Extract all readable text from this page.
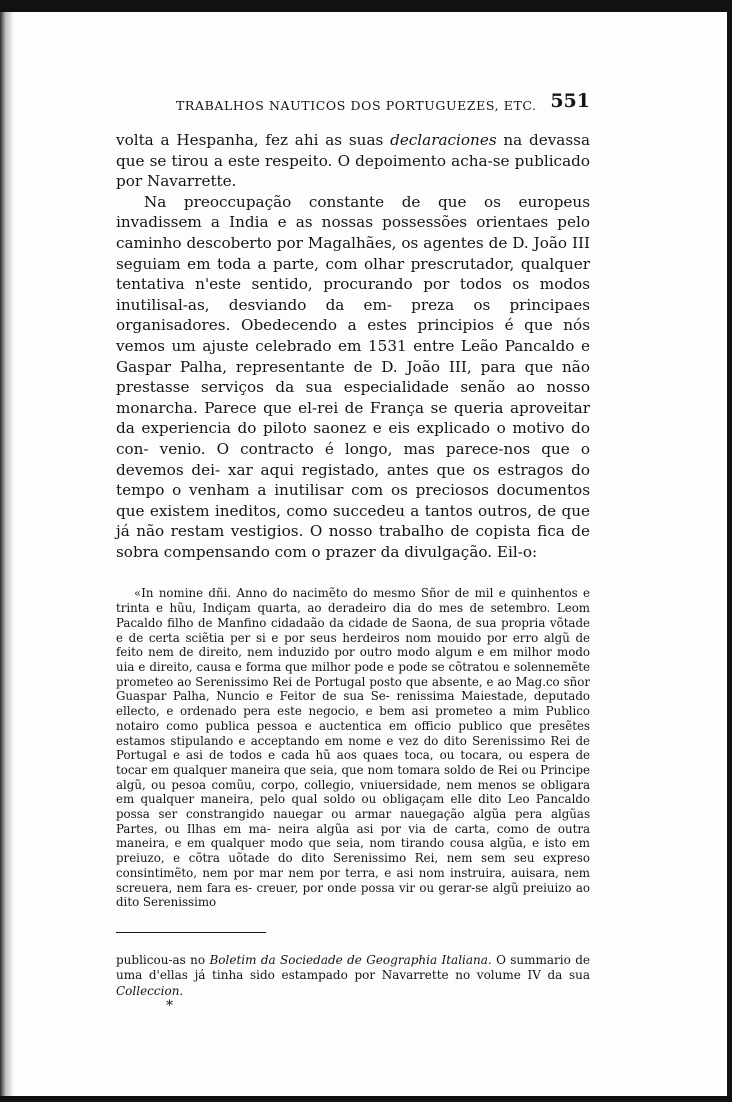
TRABALHOS NAUTICOS DOS PORTUGUEZES, ETC. 551

volta a Hespanha, fez ahi as suas declaraciones na devassa que se tirou a este respeito. O depoimento acha-se publicado por Navarrette.

Na preoccupação constante de que os europeus invadissem a India e as nossas possessões orientaes pelo caminho descoberto por Magalhães, os agentes de D. João III seguiam em toda a parte, com olhar prescrutador, qualquer tentativa n'este sentido, procurando por todos os modos inutilisal-as, desviando da em- preza os principaes organisadores. Obedecendo a estes principios é que nós vemos um ajuste celebrado em 1531 entre Leão Pancaldo e Gaspar Palha, representante de D. João III, para que não prestasse serviços da sua especialidade senão ao nosso monarcha. Parece que el-rei de França se queria aproveitar da experiencia do piloto saonez e eis explicado o motivo do con- venio. O contracto é longo, mas parece-nos que o devemos dei- xar aqui registado, antes que os estragos do tempo o venham a inutilisar com os preciosos documentos que existem ineditos, como succedeu a tantos outros, de que já não restam vestigios. O nosso trabalho de copista fica de sobra compensando com o prazer da divulgação. Eil-o:

«In nomine dñi. Anno do nacimẽto do mesmo Sñor de mil e quinhentos e trinta e hũu, Indiçam quarta, ao deradeiro dia do mes de setembro. Leom Pacaldo filho de Manfino cidadaão da cidade de Saona, de sua propria võtade e de certa sciẽtia per si e por seus herdeiros nom mouido por erro algũ de feito nem de direito, nem induzido por outro modo algum e em milhor modo uia e direito, causa e forma que milhor pode e pode se cõtratou e solennemẽte prometeo ao Serenissimo Rei de Portugal posto que absente, e ao Mag.co sñor Guaspar Palha, Nuncio e Feitor de sua Se- renissima Maiestade, deputado ellecto, e ordenado pera este negocio, e bem asi prometeo a mim Publico notairo como publica pessoa e auctentica em officio publico que presẽtes estamos stipulando e acceptando em nome e vez do dito Serenissimo Rei de Portugal e asi de todos e cada hũ aos quaes toca, ou tocara, ou espera de tocar em qualquer maneira que seia, que nom tomara soldo de Rei ou Principe algũ, ou pesoa comũu, corpo, collegio, vniuersidade, nem menos se obligara em qualquer maneira, pelo qual soldo ou obligaçam elle dito Leo Pancaldo possa ser constrangido nauegar ou armar nauegação algũa pera algũas Partes, ou Ilhas em ma- neira algũa asi por via de carta, como de outra maneira, e em qualquer modo que seia, nom tirando cousa algũa, e isto em preiuzo, e cõtra uõtade do dito Serenissimo Rei, nem sem seu expreso consintimẽto, nem por mar nem por terra, e asi nom instruira, auisara, nem screuera, nem fara es- creuer, por onde possa vir ou gerar-se algũ preiuizo ao dito Serenissimo

publicou-as no Boletim da Sociedade de Geographia Italiana. O summario de uma d'ellas já tinha sido estampado por Navarrette no volume IV da sua Colleccion.

*
